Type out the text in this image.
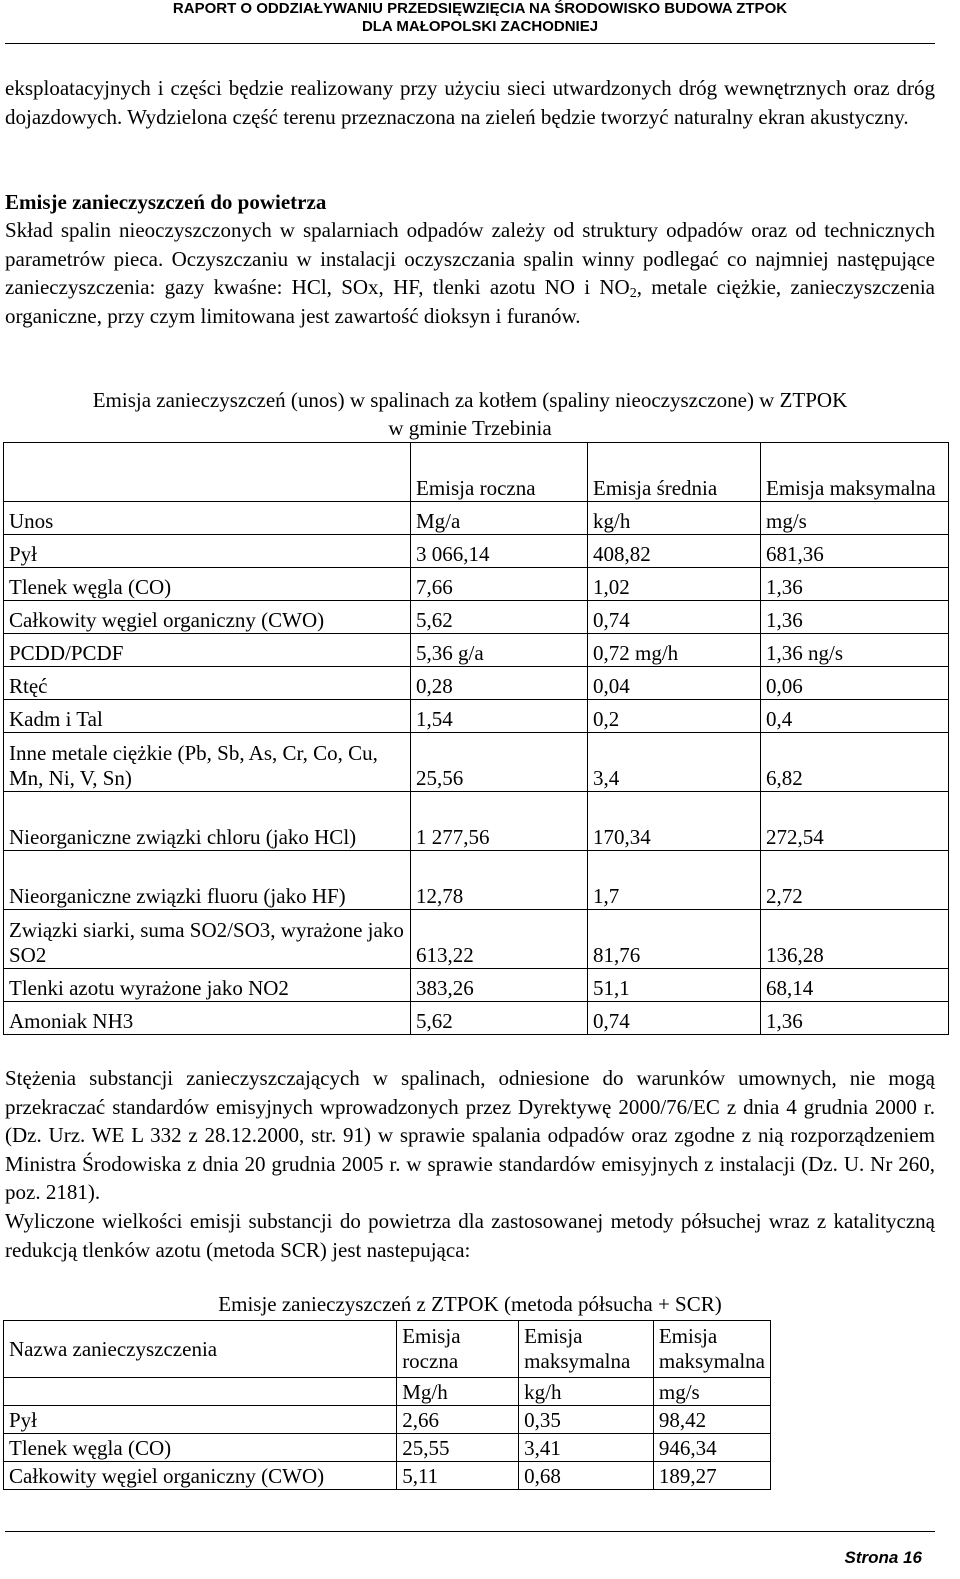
RAPORT O ODDZIAŁYWANIU PRZEDSIĘWZIĘCIA NA ŚRODOWISKO BUDOWA ZTPOK
DLA MAŁOPOLSKI ZACHODNIEJ
eksploatacyjnych i części będzie realizowany przy użyciu sieci utwardzonych dróg wewnętrznych oraz dróg dojazdowych. Wydzielona część terenu przeznaczona na zieleń będzie tworzyć naturalny ekran akustyczny.
Emisje zanieczyszczeń do powietrza
Skład spalin nieoczyszczonych w spalarniach odpadów zależy od struktury odpadów oraz od technicznych parametrów pieca. Oczyszczaniu w instalacji oczyszczania spalin winny podlegać co najmniej następujące zanieczyszczenia: gazy kwaśne: HCl, SOx, HF, tlenki azotu NO i $NO_2$, metale ciężkie, zanieczyszczenia organiczne, przy czym limitowana jest zawartość dioksyn i furanów.
Emisja zanieczyszczeń (unos) w spalinach za kotłem (spaliny nieoczyszczone) w ZTPOK
w gminie Trzebinia
	Emisja roczna	Emisja średnia	Emisja maksymalna
Unos	Mg/a	kg/h	mg/s
Pył	3 066,14	408,82	681,36
Tlenek węgla (CO)	7,66	1,02	1,36
Całkowity węgiel organiczny (CWO)	5,62	0,74	1,36
PCDD/PCDF	5,36 g/a	0,72 mg/h	1,36 ng/s
Rtęć	0,28	0,04	0,06
Kadm i Tal	1,54	0,2	0,4
Inne metale ciężkie (Pb, Sb, As, Cr, Co, Cu, Mn, Ni, V, Sn)	25,56	3,4	6,82
Nieorganiczne związki chloru (jako HCl)	1 277,56	170,34	272,54
Nieorganiczne związki fluoru (jako HF)	12,78	1,7	2,72
Związki siarki, suma SO2/SO3, wyrażone jako SO2	613,22	81,76	136,28
Tlenki azotu wyrażone jako NO2	383,26	51,1	68,14
Amoniak NH3	5,62	0,74	1,36
Stężenia substancji zanieczyszczających w spalinach, odniesione do warunków umownych, nie mogą przekraczać standardów emisyjnych wprowadzonych przez Dyrektywę 2000/76/EC z dnia 4 grudnia 2000 r. (Dz. Urz. WE L 332 z 28.12.2000, str. 91) w sprawie spalania odpadów oraz zgodne z nią rozporządzeniem Ministra Środowiska z dnia 20 grudnia 2005 r. w sprawie standardów emisyjnych z instalacji (Dz. U. Nr 260, poz. 2181).
Wyliczone wielkości emisji substancji do powietrza dla zastosowanej metody półsuchej wraz z katalityczną redukcją tlenków azotu (metoda SCR) jest nastepująca:
Emisje zanieczyszczeń z ZTPOK (metoda półsucha + SCR)
Nazwa zanieczyszczenia	Emisja roczna	Emisja maksymalna	Emisja maksymalna
	Mg/h	kg/h	mg/s
Pył	2,66	0,35	98,42
Tlenek węgla (CO)	25,55	3,41	946,34
Całkowity węgiel organiczny (CWO)	5,11	0,68	189,27
Strona 16
